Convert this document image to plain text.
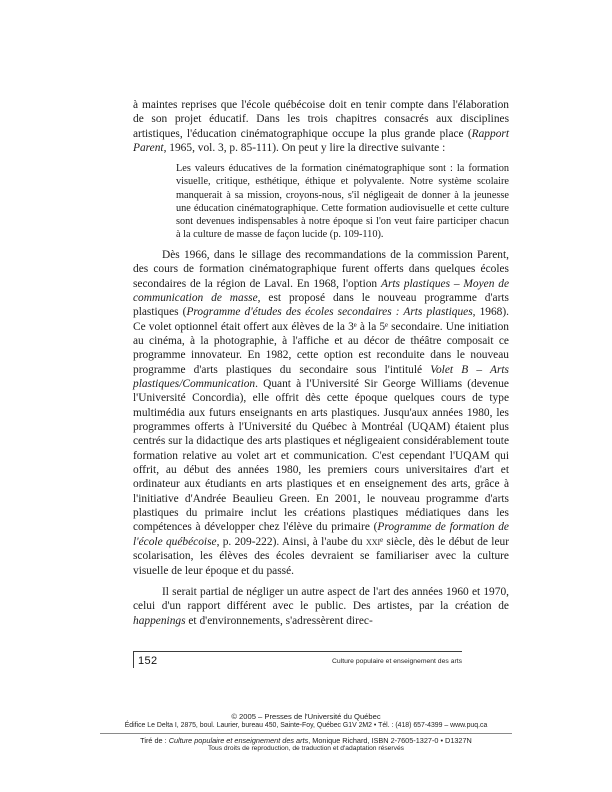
à maintes reprises que l'école québécoise doit en tenir compte dans l'élaboration de son projet éducatif. Dans les trois chapitres consacrés aux disciplines artistiques, l'éducation cinématographique occupe la plus grande place (Rapport Parent, 1965, vol. 3, p. 85-111). On peut y lire la directive suivante :

Les valeurs éducatives de la formation cinématographique sont : la formation visuelle, critique, esthétique, éthique et polyvalente. Notre système scolaire manquerait à sa mission, croyons-nous, s'il négligeait de donner à la jeunesse une éducation cinématographique. Cette formation audiovisuelle et cette culture sont devenues indispensables à notre époque si l'on veut faire participer chacun à la culture de masse de façon lucide (p. 109-110).

Dès 1966, dans le sillage des recommandations de la commission Parent, des cours de formation cinématographique furent offerts dans quelques écoles secondaires de la région de Laval. En 1968, l'option Arts plastiques – Moyen de communication de masse, est proposé dans le nouveau programme d'arts plastiques (Programme d'études des écoles secondaires : Arts plastiques, 1968). Ce volet optionnel était offert aux élèves de la 3ᵉ à la 5ᵉ secondaire. Une initiation au cinéma, à la photographie, à l'affiche et au décor de théâtre composait ce programme innovateur. En 1982, cette option est reconduite dans le nouveau programme d'arts plastiques du secondaire sous l'intitulé Volet B – Arts plastiques/Communication. Quant à l'Université Sir George Williams (devenue l'Université Concordia), elle offrit dès cette époque quelques cours de type multimédia aux futurs enseignants en arts plastiques. Jusqu'aux années 1980, les programmes offerts à l'Université du Québec à Montréal (UQAM) étaient plus centrés sur la didactique des arts plastiques et négligeaient considérablement toute formation relative au volet art et communication. C'est cependant l'UQAM qui offrit, au début des années 1980, les premiers cours universitaires d'art et ordinateur aux étudiants en arts plastiques et en enseignement des arts, grâce à l'initiative d'Andrée Beaulieu Green. En 2001, le nouveau programme d'arts plastiques du primaire inclut les créations plastiques médiatiques dans les compétences à développer chez l'élève du primaire (Programme de formation de l'école québécoise, p. 209-222). Ainsi, à l'aube du xxiᵉ siècle, dès le début de leur scolarisation, les élèves des écoles devraient se familiariser avec la culture visuelle de leur époque et du passé.

Il serait partial de négliger un autre aspect de l'art des années 1960 et 1970, celui d'un rapport différent avec le public. Des artistes, par la création de happenings et d'environnements, s'adressèrent direc-

152	Culture populaire et enseignement des arts
© 2005 – Presses de l'Université du Québec
Édifice Le Delta I, 2875, boul. Laurier, bureau 450, Sainte-Foy, Québec G1V 2M2 • Tél. : (418) 657-4399 – www.puq.ca
Tiré de : Culture populaire et enseignement des arts, Monique Richard, ISBN 2-7605-1327-0 • D1327N
Tous droits de reproduction, de traduction et d'adaptation réservés
